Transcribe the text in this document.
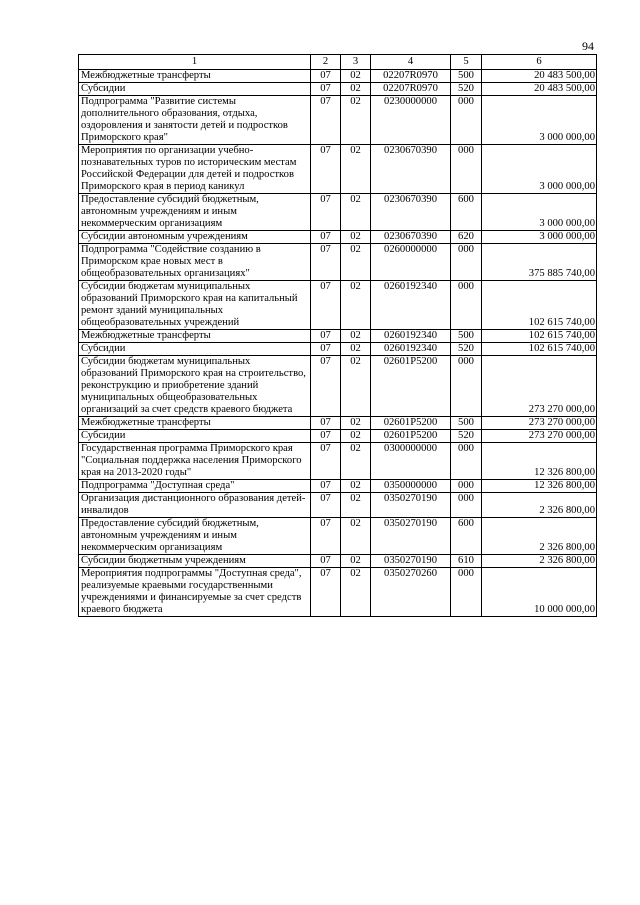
94
1	2	3	4	5	6
Межбюджетные трансферты	07	02	02207R0970	500	20 483 500,00
Субсидии	07	02	02207R0970	520	20 483 500,00
Подпрограмма "Развитие системы дополнительного образования, отдыха, оздоровления и занятости детей и подростков Приморского края"	07	02	0230000000	000	3 000 000,00
Мероприятия по организации учебно-познавательных туров по историческим местам Российской Федерации для детей и подростков Приморского края в период каникул	07	02	0230670390	000	3 000 000,00
Предоставление субсидий бюджетным, автономным учреждениям и иным некоммерческим организациям	07	02	0230670390	600	3 000 000,00
Субсидии автономным учреждениям	07	02	0230670390	620	3 000 000,00
Подпрограмма "Содействие созданию в Приморском крае новых мест в общеобразовательных организациях"	07	02	0260000000	000	375 885 740,00
Субсидии бюджетам муниципальных образований Приморского края на капитальный ремонт зданий муниципальных общеобразовательных учреждений	07	02	0260192340	000	102 615 740,00
Межбюджетные трансферты	07	02	0260192340	500	102 615 740,00
Субсидии	07	02	0260192340	520	102 615 740,00
Субсидии бюджетам муниципальных образований Приморского края на строительство, реконструкцию и приобретение зданий муниципальных общеобразовательных организаций за счет средств краевого бюджета	07	02	02601P5200	000	273 270 000,00
Межбюджетные трансферты	07	02	02601P5200	500	273 270 000,00
Субсидии	07	02	02601P5200	520	273 270 000,00
Государственная программа Приморского края "Социальная поддержка населения Приморского края на 2013-2020 годы"	07	02	0300000000	000	12 326 800,00
Подпрограмма "Доступная среда"	07	02	0350000000	000	12 326 800,00
Организация дистанционного образования детей-инвалидов	07	02	0350270190	000	2 326 800,00
Предоставление субсидий бюджетным, автономным учреждениям и иным некоммерческим организациям	07	02	0350270190	600	2 326 800,00
Субсидии бюджетным учреждениям	07	02	0350270190	610	2 326 800,00
Мероприятия подпрограммы "Доступная среда", реализуемые краевыми государственными учреждениями и финансируемые за счет средств краевого бюджета	07	02	0350270260	000	10 000 000,00
